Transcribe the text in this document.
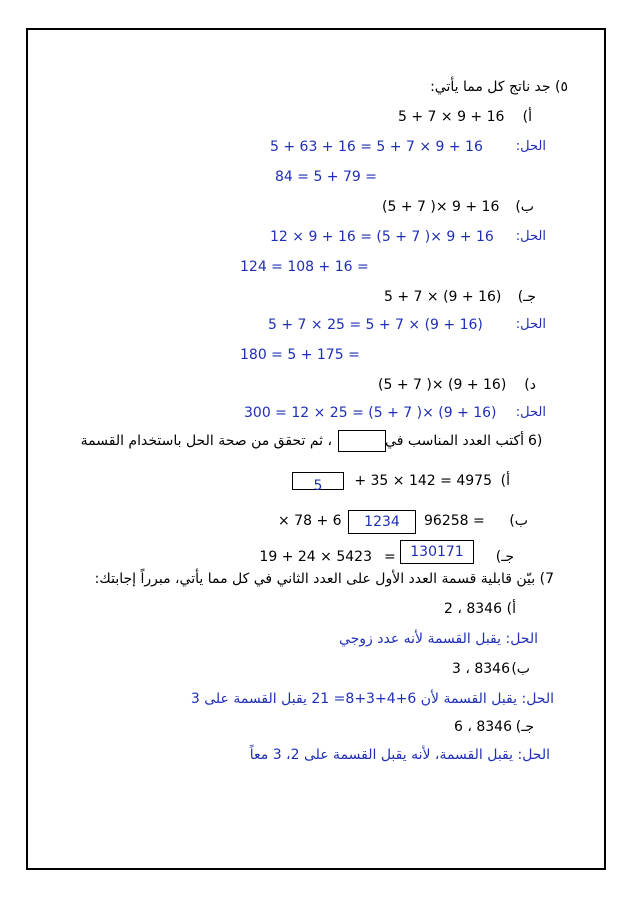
٥) جد ناتج كل مما يأتي:
أ)
5 + 7 × 9 + 16
الحل:
5 + 63 + 16 = 5 + 7 × 9 + 16
84 = 5 + 79 =
ب)
(5 + 7 )× 9 + 16
الحل:
12 × 9 + 16 = (5 + 7 )× 9 + 16
124 = 108 + 16 =
جـ)
5 + 7 × (9 + 16)
الحل:
5 + 7 × 25 = 5 + 7 × (9 + 16)
180 = 5 + 175 =
د)
(5 + 7 )× (9 + 16)
الحل:
300 = 12 × 25 = (5 + 7 )× (9 + 16)
6)
أكتب العدد المناسب في
، ثم تحقق من صحة الحل باستخدام القسمة
أ)
4975 = 142 × 35 +
5
ب)
96258 =
1234
× 78 + 6
جـ)
130171
=
5423 × 24 + 19
7) بيّن قابلية قسمة العدد الأول على العدد الثاني في كل مما يأتي، مبرراً إجابتك:
أ)
8346 ، 2
الحل: يقبل القسمة لأنه عدد زوجي
ب)
8346 ، 3
الحل: يقبل القسمة لأن 6+4+3+8= 21 يقبل القسمة على 3
جـ)
8346 ، 6
الحل: يقبل القسمة، لأنه يقبل القسمة على 2، 3 معاً
